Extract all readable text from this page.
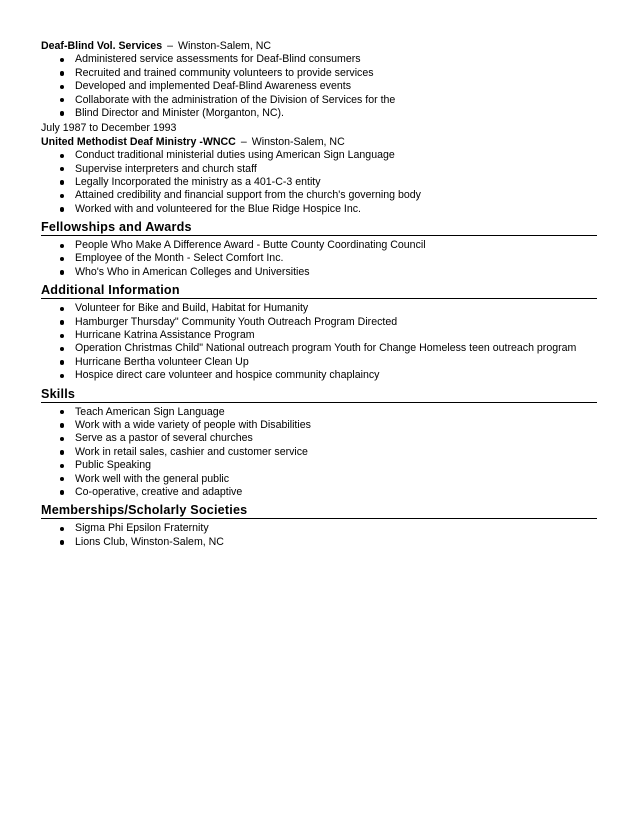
Deaf-Blind Vol. Services – Winston-Salem, NC
Administered service assessments for Deaf-Blind consumers
Recruited and trained community volunteers to provide services
Developed and implemented Deaf-Blind Awareness events
Collaborate with the administration of the Division of Services for the
Blind Director and Minister (Morganton, NC).
July 1987 to December 1993
United Methodist Deaf Ministry -WNCC – Winston-Salem, NC
Conduct traditional ministerial duties using American Sign Language
Supervise interpreters and church staff
Legally Incorporated the ministry as a 401-C-3 entity
Attained credibility and financial support from the church's governing body
Worked with and volunteered for the Blue Ridge Hospice Inc.
Fellowships and Awards
People Who Make A Difference Award - Butte County Coordinating Council
Employee of the Month - Select Comfort Inc.
Who's Who in American Colleges and Universities
Additional Information
Volunteer for Bike and Build, Habitat for Humanity
Hamburger Thursday" Community Youth Outreach Program Directed
Hurricane Katrina Assistance Program
Operation Christmas Child" National outreach program Youth for Change Homeless teen outreach program
Hurricane Bertha volunteer Clean Up
Hospice direct care volunteer and hospice community chaplaincy
Skills
Teach American Sign Language
Work with a wide variety of people with Disabilities
Serve as a pastor of several churches
Work in retail sales, cashier and customer service
Public Speaking
Work well with the general public
Co-operative, creative and adaptive
Memberships/Scholarly Societies
Sigma Phi Epsilon Fraternity
Lions Club, Winston-Salem, NC
